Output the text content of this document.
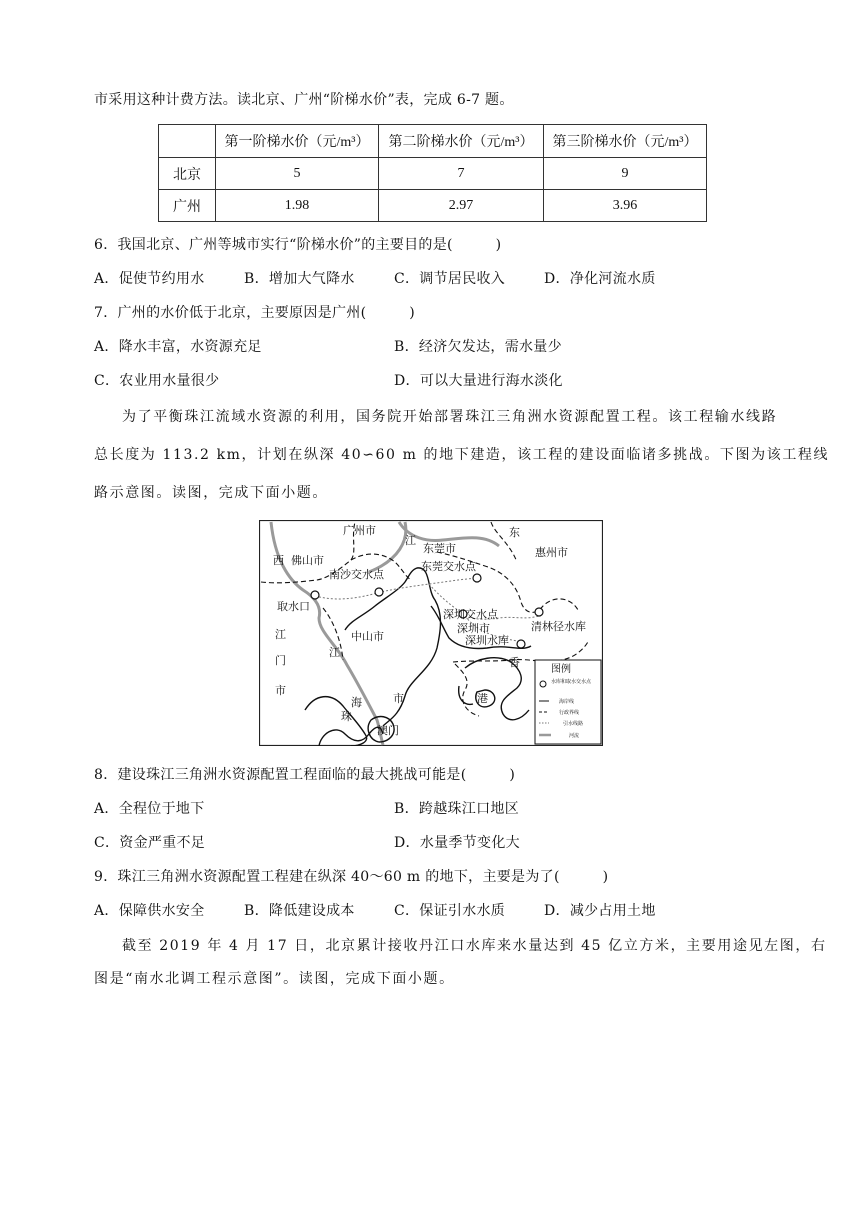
市采用这种计费方法。读北京、广州“阶梯水价”表，完成 6-7 题。
	第一阶梯水价（元/m³）	第二阶梯水价（元/m³）	第三阶梯水价（元/m³）
北京	5	7	9
广州	1.98	2.97	3.96
6．我国北京、广州等城市实行“阶梯水价”的主要目的是(　　　)
A．促使节约用水	B．增加大气降水	C．调节居民收入	D．净化河流水质
7．广州的水价低于北京，主要原因是广州(　　　)
A．降水丰富，水资源充足	B．经济欠发达，需水量少
C．农业用水量很少	D．可以大量进行海水淡化
为了平衡珠江流域水资源的利用，国务院开始部署珠江三角洲水资源配置工程。该工程输水线路
总长度为 113.2 km，计划在纵深 40∽60 m 的地下建造，该工程的建设面临诸多挑战。下图为该工程线
路示意图。读图，完成下面小题。
广州市	东
西 佛山市
江
东莞市	惠州市
南沙交水点
东莞交水点
取水口
中山市
深圳交水点
深圳市
深圳水库
清林径水库
江
门
市
江
海
珠
市
香
港
澳门
图例
水库和取水交水点
海岸线
行政界线
引水线路
河流
8．建设珠江三角洲水资源配置工程面临的最大挑战可能是(　　　)
A．全程位于地下	B．跨越珠江口地区
C．资金严重不足	D．水量季节变化大
9．珠江三角洲水资源配置工程建在纵深 40～60 m 的地下，主要是为了(　　　)
A．保障供水安全	B．降低建设成本	C．保证引水水质	D．减少占用土地
截至 2019 年 4 月 17 日，北京累计接收丹江口水库来水量达到 45 亿立方米，主要用途见左图，右
图是“南水北调工程示意图”。读图，完成下面小题。
